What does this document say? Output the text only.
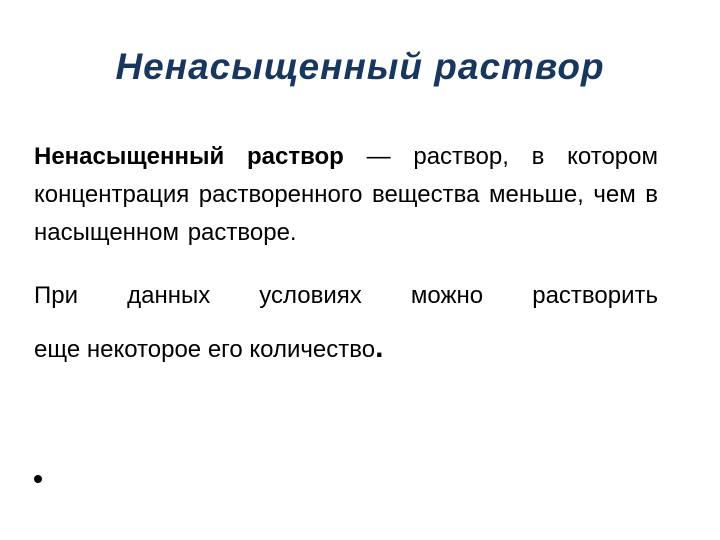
Ненасыщенный раствор

Ненасыщенный раствор — раствор, в котором концентрация растворенного вещества меньше, чем в насыщенном растворе.

При данных условиях можно растворить
еще некоторое его количество.
